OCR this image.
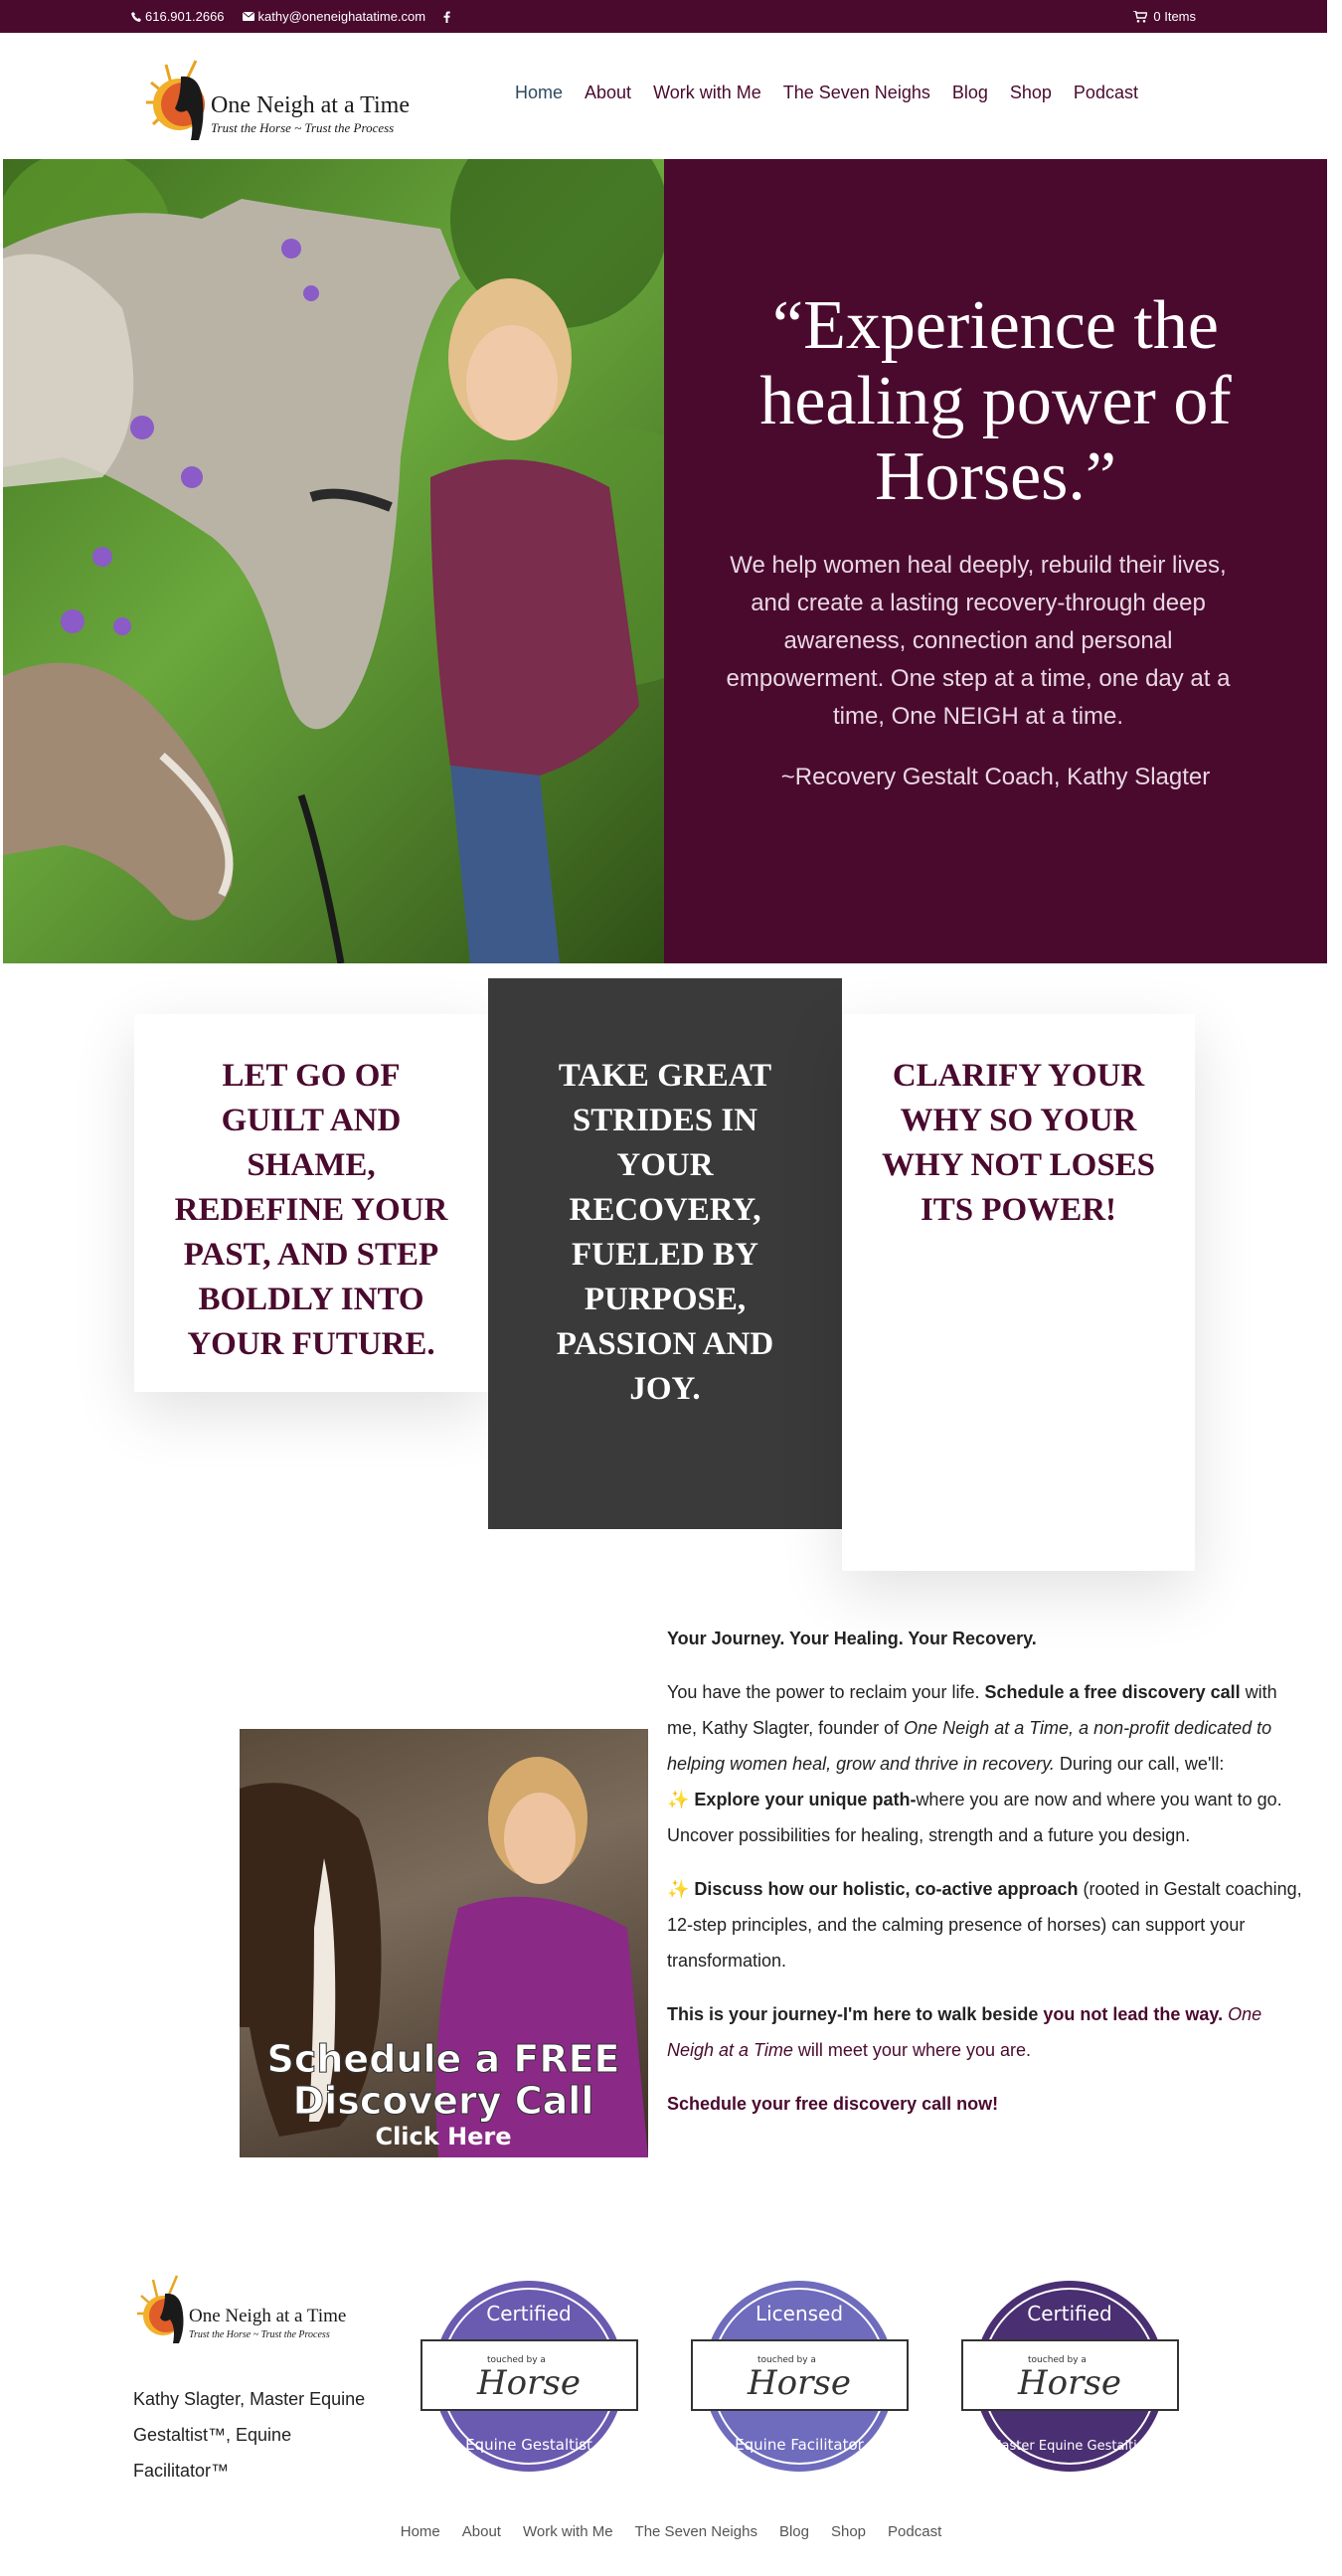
616.901.2666	kathy@oneneighatatime.com	0 Items
One Neigh at a Time
Trust the Horse ~ Trust the Process
Home About Work with Me The Seven Neighs Blog Shop Podcast
“Experience the healing power of Horses.”
We help women heal deeply, rebuild their lives, and create a lasting recovery-through deep awareness, connection and personal empowerment. One step at a time, one day at a time, One NEIGH at a time.
~Recovery Gestalt Coach, Kathy Slagter
LET GO OF GUILT AND SHAME, REDEFINE YOUR PAST, AND STEP BOLDLY INTO YOUR FUTURE.
TAKE GREAT STRIDES IN YOUR RECOVERY, FUELED BY PURPOSE, PASSION AND JOY.
CLARIFY YOUR WHY SO YOUR WHY NOT LOSES ITS POWER!
Schedule a FREE
Discovery Call
Click Here

Your Journey. Your Healing. Your Recovery.

You have the power to reclaim your life. Schedule a free discovery call with me, Kathy Slagter, founder of One Neigh at a Time, a non-profit dedicated to helping women heal, grow and thrive in recovery. During our call, we'll:
✨ Explore your unique path-where you are now and where you want to go. Uncover possibilities for healing, strength and a future you design.

✨ Discuss how our holistic, co-active approach (rooted in Gestalt coaching, 12-step principles, and the calming presence of horses) can support your transformation.

This is your journey-I'm here to walk beside you not lead the way. One Neigh at a Time will meet your where you are.

Schedule your free discovery call now!

One Neigh at a Time
Trust the Horse ~ Trust the Process
Kathy Slagter, Master Equine Gestaltist™, Equine Facilitator™
Certified
touched by a
Horse
Equine Gestaltist
Licensed
touched by a
Horse
Equine Facilitator
Certified
touched by a
Horse
Master Equine Gestaltist
Home About Work with Me The Seven Neighs Blog Shop Podcast
